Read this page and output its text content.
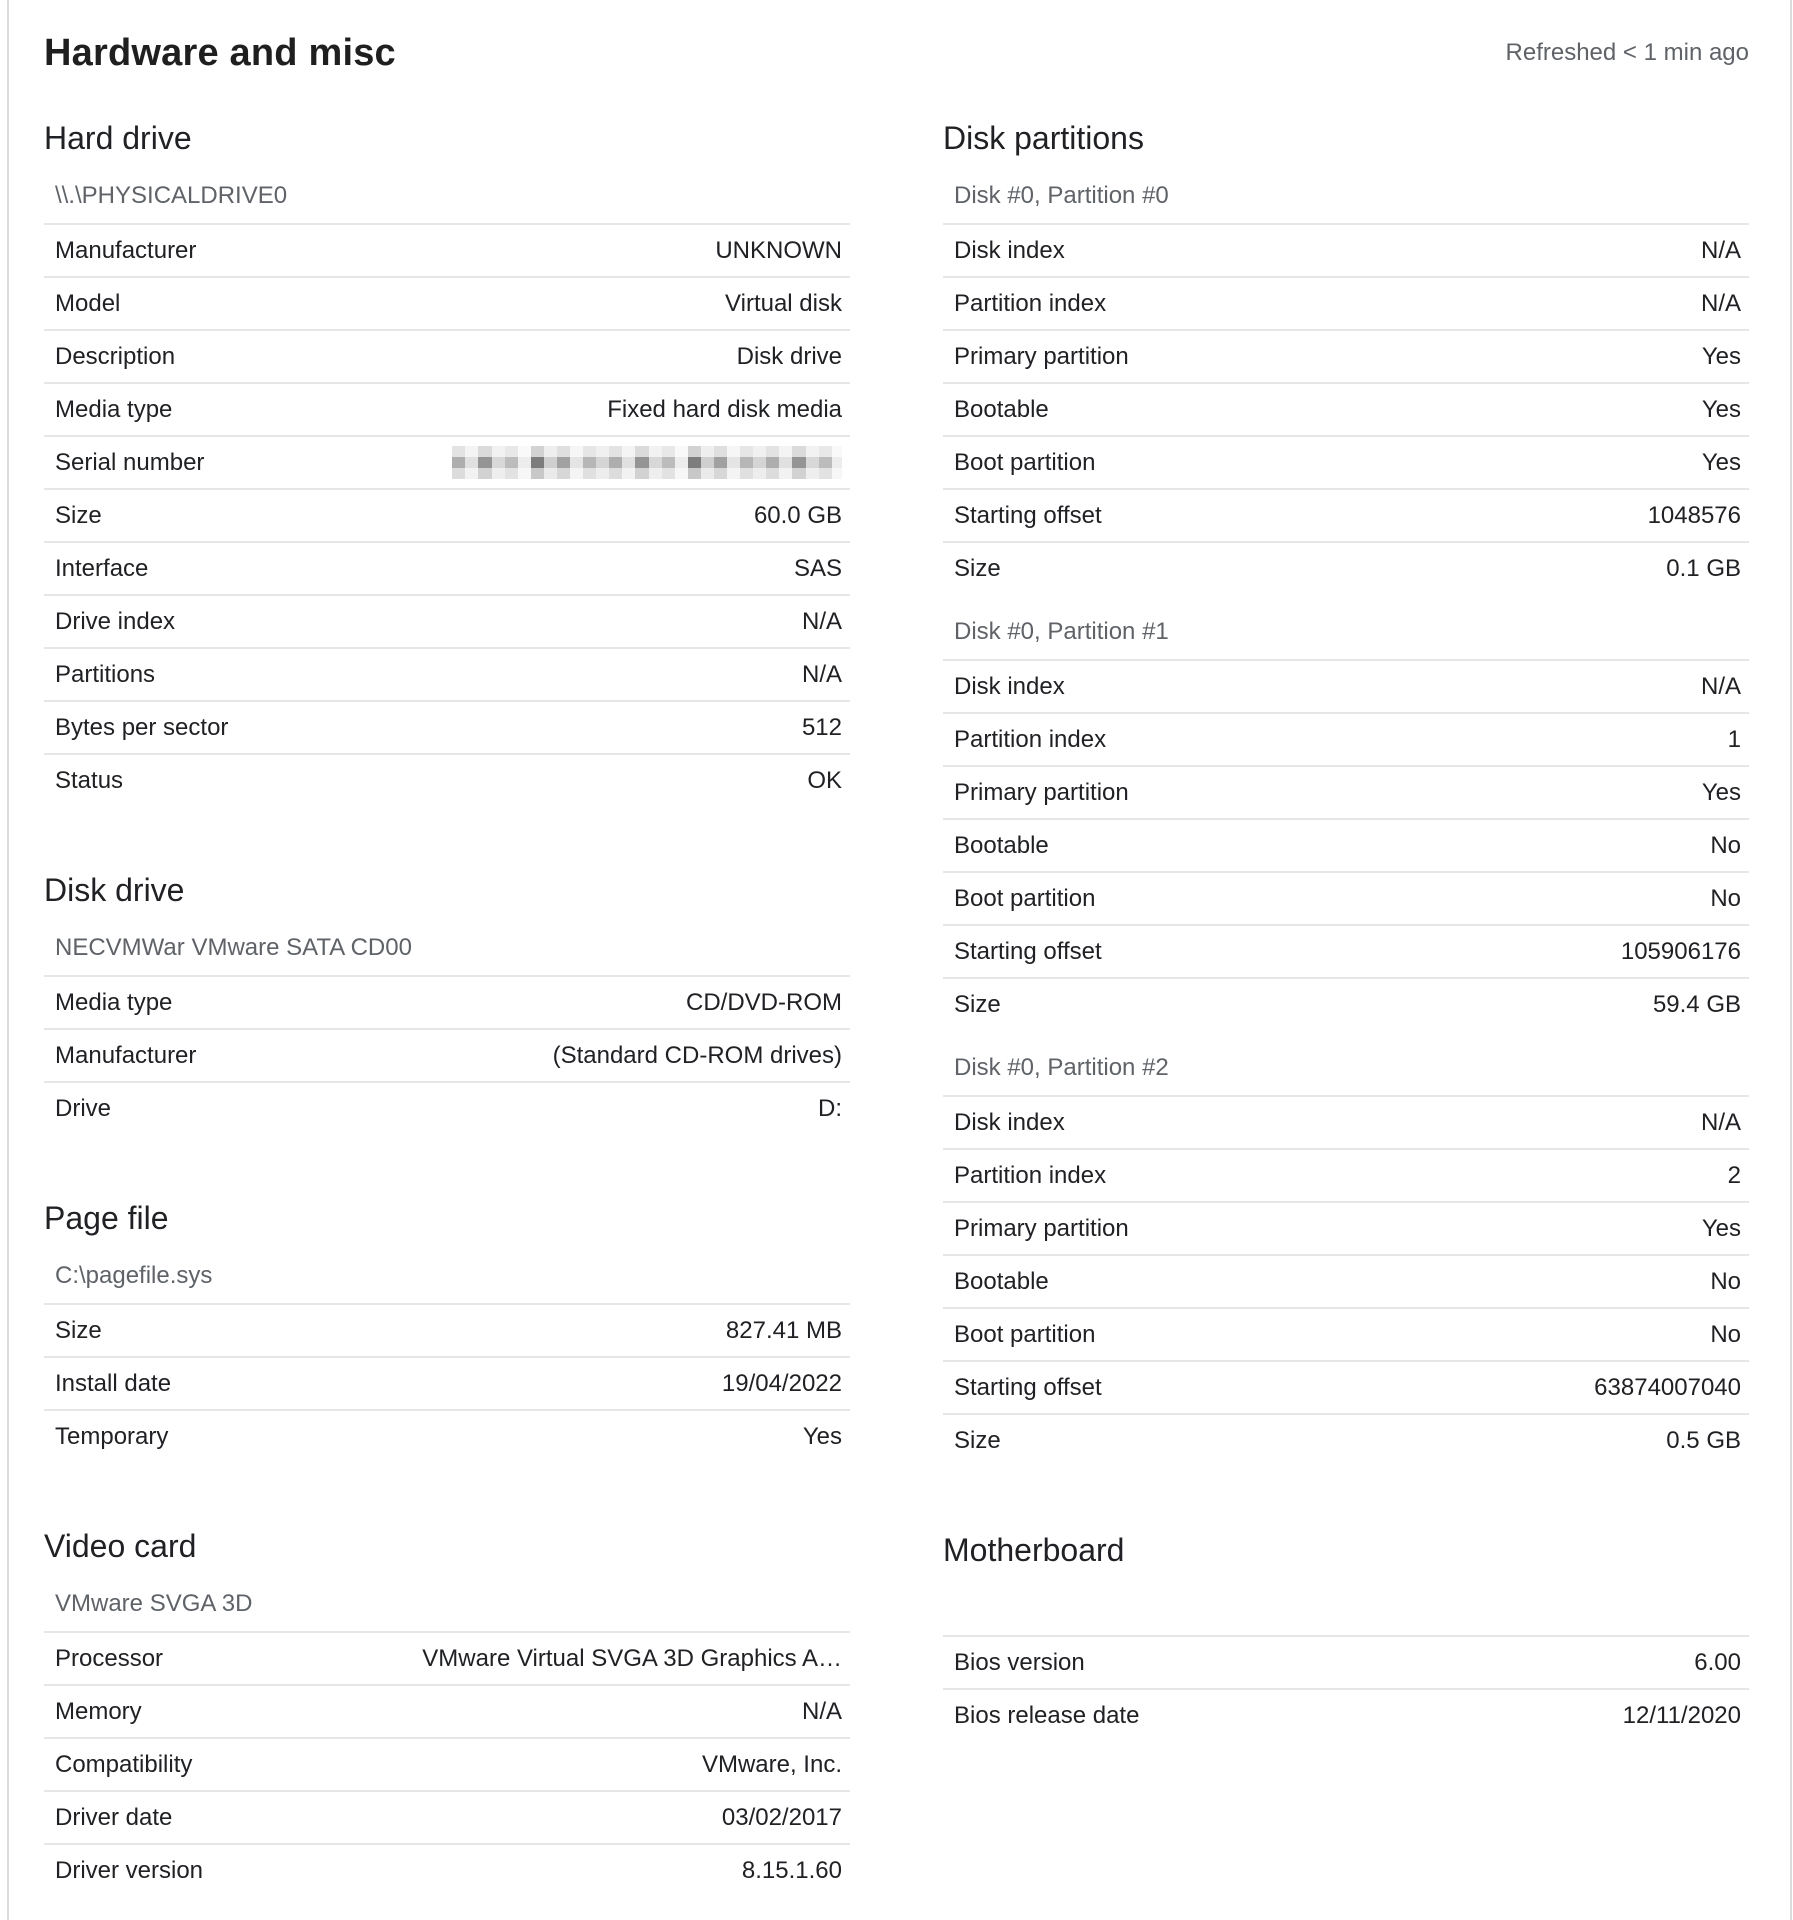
Hardware and misc	Refreshed < 1 min ago
Hard drive
\\.\PHYSICALDRIVE0
Manufacturer	UNKNOWN
Model	Virtual disk
Description	Disk drive
Media type	Fixed hard disk media
Serial number
Size	60.0 GB
Interface	SAS
Drive index	N/A
Partitions	N/A
Bytes per sector	512
Status	OK
Disk drive
NECVMWar VMware SATA CD00
Media type	CD/DVD-ROM
Manufacturer	(Standard CD-ROM drives)
Drive	D:
Page file
C:\pagefile.sys
Size	827.41 MB
Install date	19/04/2022
Temporary	Yes
Video card
VMware SVGA 3D
Processor	VMware Virtual SVGA 3D Graphics A…
Memory	N/A
Compatibility	VMware, Inc.
Driver date	03/02/2017
Driver version	8.15.1.60
Disk partitions
Disk #0, Partition #0
Disk index	N/A
Partition index	N/A
Primary partition	Yes
Bootable	Yes
Boot partition	Yes
Starting offset	1048576
Size	0.1 GB
Disk #0, Partition #1
Disk index	N/A
Partition index	1
Primary partition	Yes
Bootable	No
Boot partition	No
Starting offset	105906176
Size	59.4 GB
Disk #0, Partition #2
Disk index	N/A
Partition index	2
Primary partition	Yes
Bootable	No
Boot partition	No
Starting offset	63874007040
Size	0.5 GB
Motherboard
Bios version	6.00
Bios release date	12/11/2020
